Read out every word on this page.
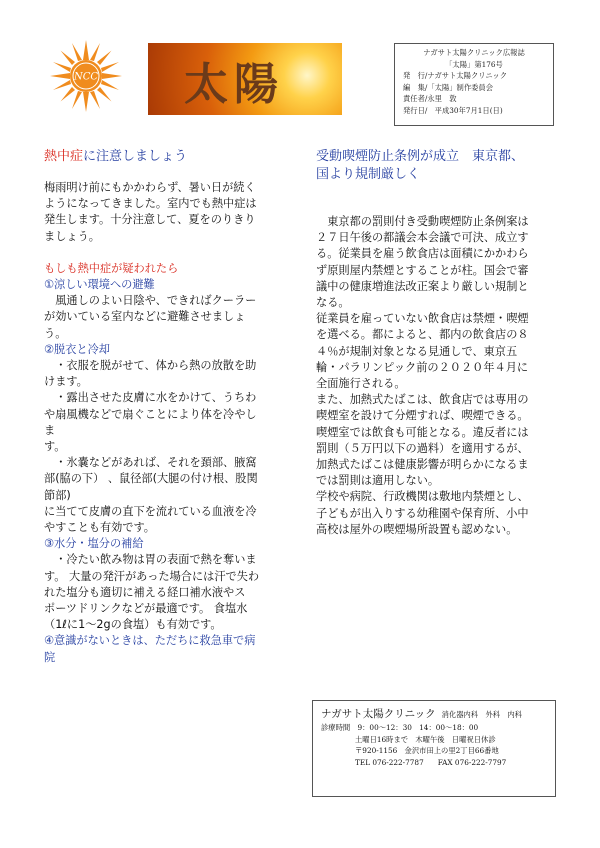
NCC 太陽
ナガサト太陽クリニック広報誌
「太陽」第176号
発　行/ナガサト太陽クリニック
編　集/「太陽」制作委員会
責任者/永里　敦
発行日/　平成30年7月1日(日)
熱中症に注意しましょう
梅雨明け前にもかかわらず、暑い日が続く
ようになってきました。室内でも熱中症は
発生します。十分注意して、夏をのりきり
ましょう。
もしも熱中症が疑われたら
①涼しい環境への避難
　風通しのよい日陰や、できればクーラー
が効いている室内などに避難させましょ
う。
②脱衣と冷却
　・衣服を脱がせて、体から熱の放散を助
けます。
　・露出させた皮膚に水をかけて、うちわ
や扇風機などで扇ぐことにより体を冷やし
ま
す。
　・氷嚢などがあれば、それを頚部、腋窩
部(脇の下） 、鼠径部(大腿の付け根、股関
節部)
に当てて皮膚の直下を流れている血液を冷
やすことも有効です。
③水分・塩分の補給
　・冷たい飲み物は胃の表面で熱を奪いま
す。 大量の発汗があった場合には汗で失わ
れた塩分も適切に補える経口補水液やス
ポーツドリンクなどが最適です。 食塩水
（1ℓに1～2gの食塩）も有効です。
④意識がないときは、ただちに救急車で病
院
受動喫煙防止条例が成立　東京都、
国より規制厳しく
　東京都の罰則付き受動喫煙防止条例案は
２７日午後の都議会本会議で可決、成立す
る。従業員を雇う飲食店は面積にかかわら
ず原則屋内禁煙とすることが柱。国会で審
議中の健康増進法改正案より厳しい規制と
なる。
従業員を雇っていない飲食店は禁煙・喫煙
を選べる。都によると、都内の飲食店の８
４％が規制対象となる見通しで、東京五
輪・パラリンピック前の２０２０年４月に
全面施行される。
また、加熱式たばこは、飲食店では専用の
喫煙室を設けて分煙すれば、喫煙できる。
喫煙室では飲食も可能となる。違反者には
罰則（５万円以下の過料）を適用するが、
加熱式たばこは健康影響が明らかになるま
では罰則は適用しない。
学校や病院、行政機関は敷地内禁煙とし、
子どもが出入りする幼稚園や保育所、小中
高校は屋外の喫煙場所設置も認めない。
ナガサト太陽クリニック 消化器内科　外科　内科
診療時間　9：00～12：30　14：00～18：00
土曜日16時まで　木曜午後　日曜祝日休診
〒920-1156　金沢市田上の里2丁目66番地
TEL 076-222-7787 FAX 076-222-7797
